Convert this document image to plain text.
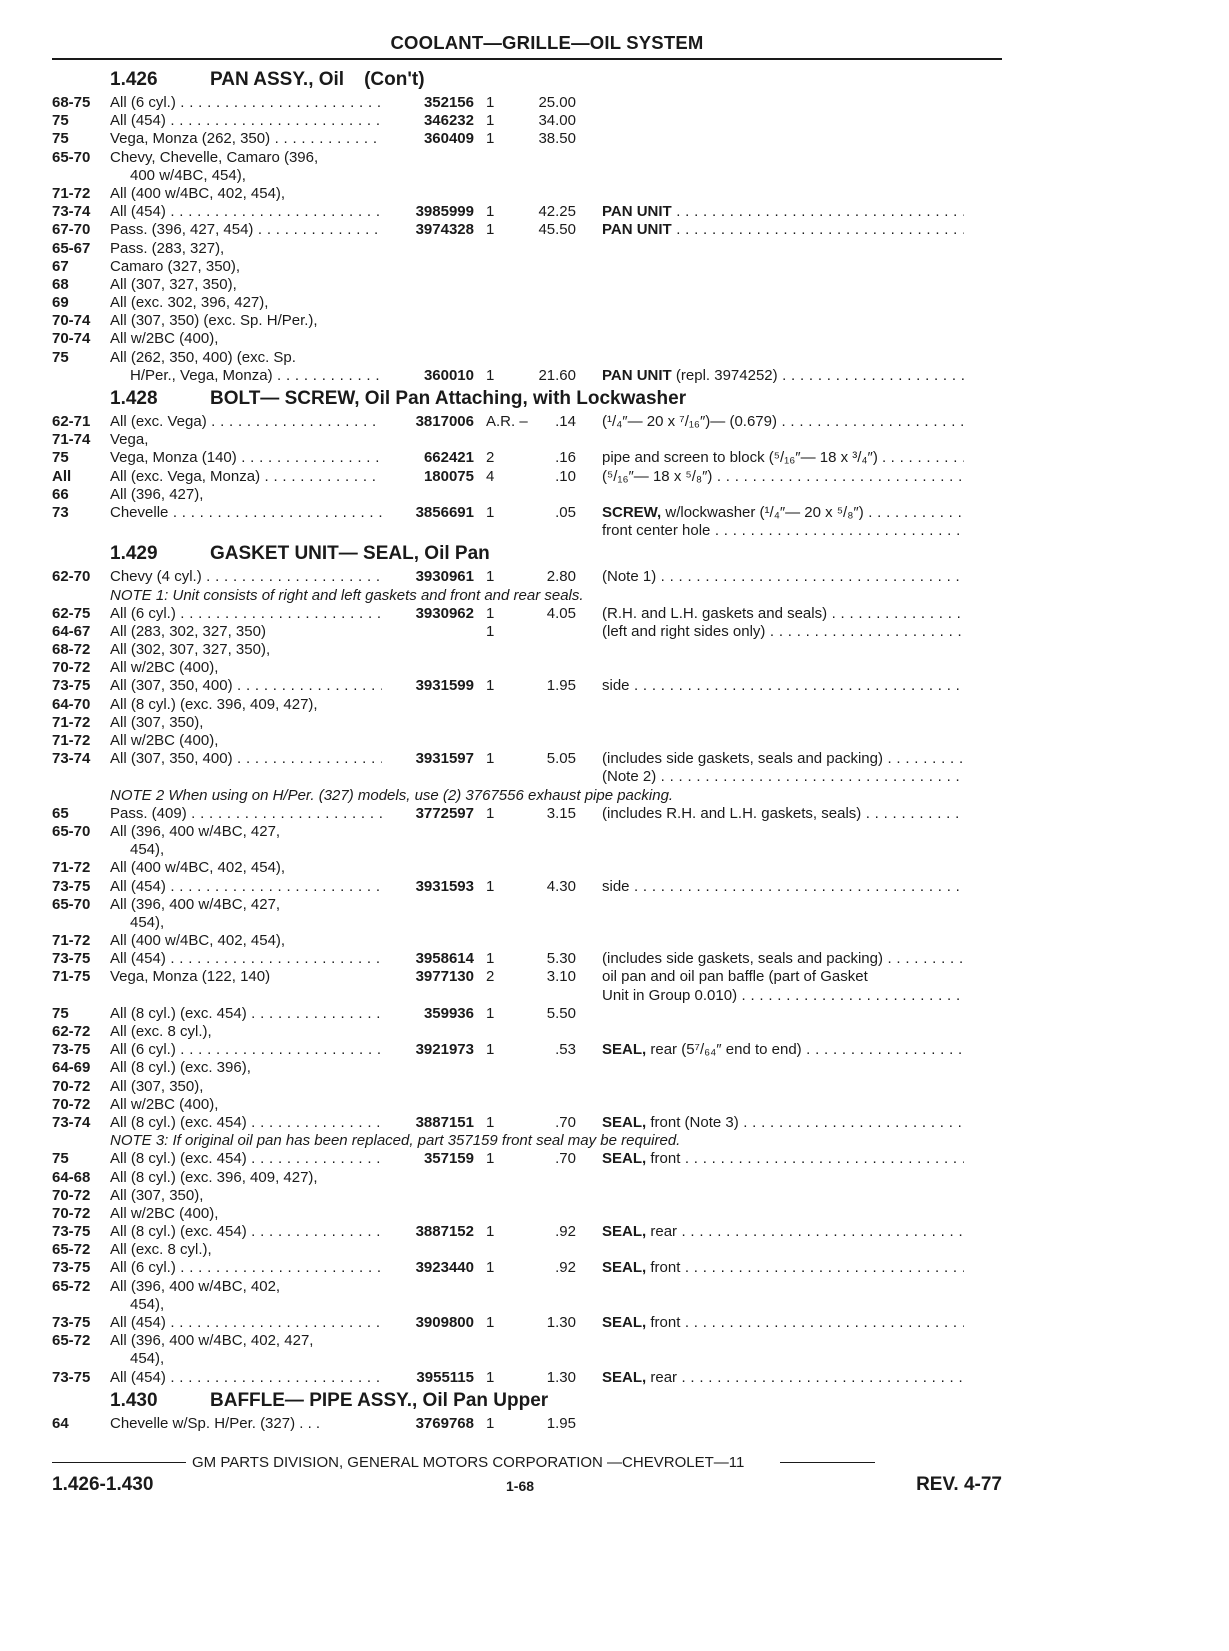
COOLANT—GRILLE—OIL SYSTEM
1.426	PAN ASSY., Oil (Con't)
68-75	All (6 cyl.) . . .	352156 1	25.00
75	All (454) . . .	346232 1	34.00
75	Vega, Monza (262, 350) . . .	360409 1	38.50
65-70	Chevy, Chevelle, Camaro (396,
400 w/4BC, 454),
71-72	All (400 w/4BC, 402, 454),
73-74	All (454) . . .	3985999 1	42.25 PAN UNIT . . .
67-70	Pass. (396, 427, 454) . . .	3974328 1	45.50 PAN UNIT . . .
65-67	Pass. (283, 327),
67	Camaro (327, 350),
68	All (307, 327, 350),
69	All (exc. 302, 396, 427),
70-74	All (307, 350) (exc. Sp. H/Per.),
70-74	All w/2BC (400),
75	All (262, 350, 400) (exc. Sp.
H/Per., Vega, Monza) . . .	360010 1	21.60 PAN UNIT (repl. 3974252) . . .
1.428	BOLT— SCREW, Oil Pan Attaching, with Lockwasher
62-71	All (exc. Vega) . . .	3817006 A.R. –	.14 (¹/₄″— 20 x ⁷/₁₆″)— (0.679) . . .
71-74	Vega,
75	Vega, Monza (140) . . .	662421 2	.16 pipe and screen to block (⁵/₁₆″— 18 x ³/₄″) . . . .
All	All (exc. Vega, Monza) . . .	180075 4	.10 (⁵/₁₆″— 18 x ⁵/₈″) . . .
66	All (396, 427),
73	Chevelle . . .	3856691 1	.05 SCREW, w/lockwasher (¹/₄″— 20 x ⁵/₈″) . . .
front center hole . . .
1.429	GASKET UNIT— SEAL, Oil Pan
62-70	Chevy (4 cyl.) . . .	3930961 1	2.80 (Note 1) . . .
NOTE 1: Unit consists of right and left gaskets and front and rear seals.
62-75	All (6 cyl.) . . .	3930962 1	4.05 (R.H. and L.H. gaskets and seals) . . .
64-67	All (283, 302, 327, 350)	1	(left and right sides only) . . .
68-72	All (302, 307, 327, 350),
70-72	All w/2BC (400),
73-75	All (307, 350, 400) . . .	3931599 1	1.95 side . . .
64-70	All (8 cyl.) (exc. 396, 409, 427),
71-72	All (307, 350),
71-72	All w/2BC (400),
73-74	All (307, 350, 400) . . .	3931597 1	5.05 (includes side gaskets, seals and packing) . . .
(Note 2) . . .
NOTE 2 When using on H/Per. (327) models, use (2) 3767556 exhaust pipe packing.
65	Pass. (409) . . .	3772597 1	3.15 (includes R.H. and L.H. gaskets, seals) . . .
65-70	All (396, 400 w/4BC, 427,
454),
71-72	All (400 w/4BC, 402, 454),
73-75	All (454) . . .	3931593 1	4.30 side . . .
65-70	All (396, 400 w/4BC, 427,
454),
71-72	All (400 w/4BC, 402, 454),
73-75	All (454) . . .	3958614 1	5.30 (includes side gaskets, seals and packing) . . .
71-75	Vega, Monza (122, 140)	3977130 2	3.10 oil pan and oil pan baffle (part of Gasket
Unit in Group 0.010) . . .
75	All (8 cyl.) (exc. 454) . . .	359936 1	5.50
62-72	All (exc. 8 cyl.),
73-75	All (6 cyl.) . . .	3921973 1	.53 SEAL, rear (5⁷/₆₄″ end to end) . . .
64-69	All (8 cyl.) (exc. 396),
70-72	All (307, 350),
70-72	All w/2BC (400),
73-74	All (8 cyl.) (exc. 454) . . .	3887151 1	.70 SEAL, front (Note 3) . . .
NOTE 3: If original oil pan has been replaced, part 357159 front seal may be required.
75	All (8 cyl.) (exc. 454) . . .	357159 1	.70 SEAL, front . . .
64-68	All (8 cyl.) (exc. 396, 409, 427),
70-72	All (307, 350),
70-72	All w/2BC (400),
73-75	All (8 cyl.) (exc. 454) . . .	3887152 1	.92 SEAL, rear . . .
65-72	All (exc. 8 cyl.),
73-75	All (6 cyl.) . . .	3923440 1	.92 SEAL, front . . .
65-72	All (396, 400 w/4BC, 402,
454),
73-75	All (454) . . .	3909800 1	1.30 SEAL, front . . .
65-72	All (396, 400 w/4BC, 402, 427,
454),
73-75	All (454) . . .	3955115 1	1.30 SEAL, rear . . .
1.430	BAFFLE— PIPE ASSY., Oil Pan Upper
64	Chevelle w/Sp. H/Per. (327) . . .	3769768 1	1.95
GM PARTS DIVISION, GENERAL MOTORS CORPORATION —CHEVROLET—11
1.426-1.430	1-68	REV. 4-77
